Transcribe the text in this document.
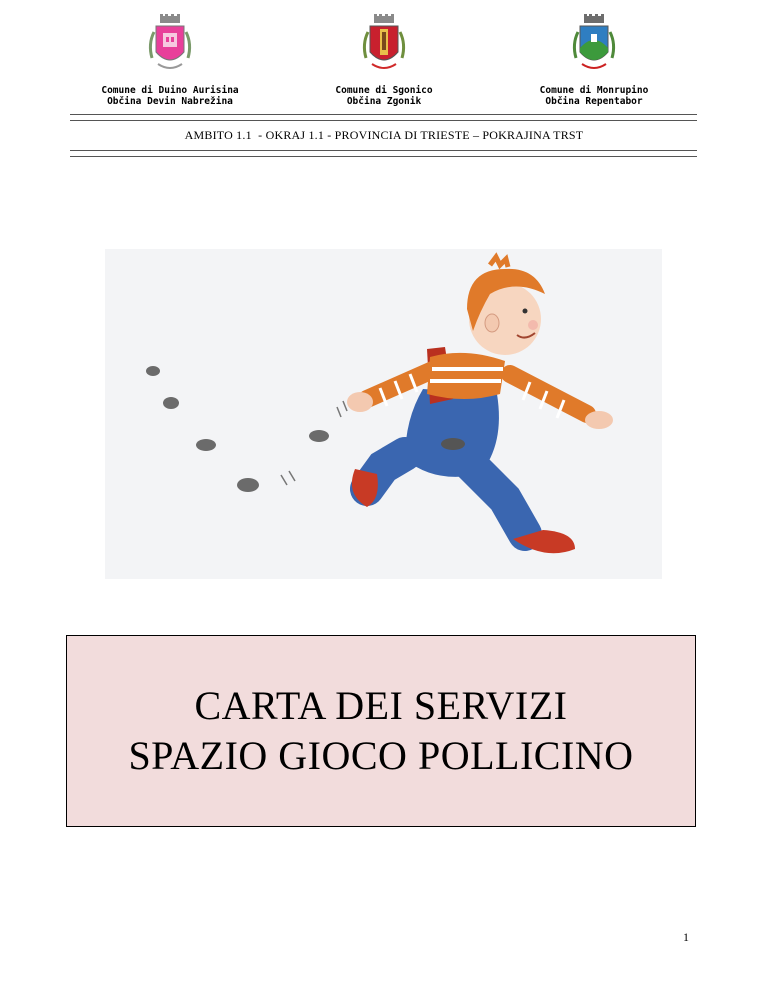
Comune di Duino Aurisina
Občina Devin Nabrežina
Comune di Sgonico
Občina Zgonik
Comune di Monrupino
Občina Repentabor
AMBITO 1.1  - OKRAJ 1.1 - PROVINCIA DI TRIESTE – POKRAJINA TRST
CARTA DEI SERVIZI
SPAZIO GIOCO POLLICINO
1
